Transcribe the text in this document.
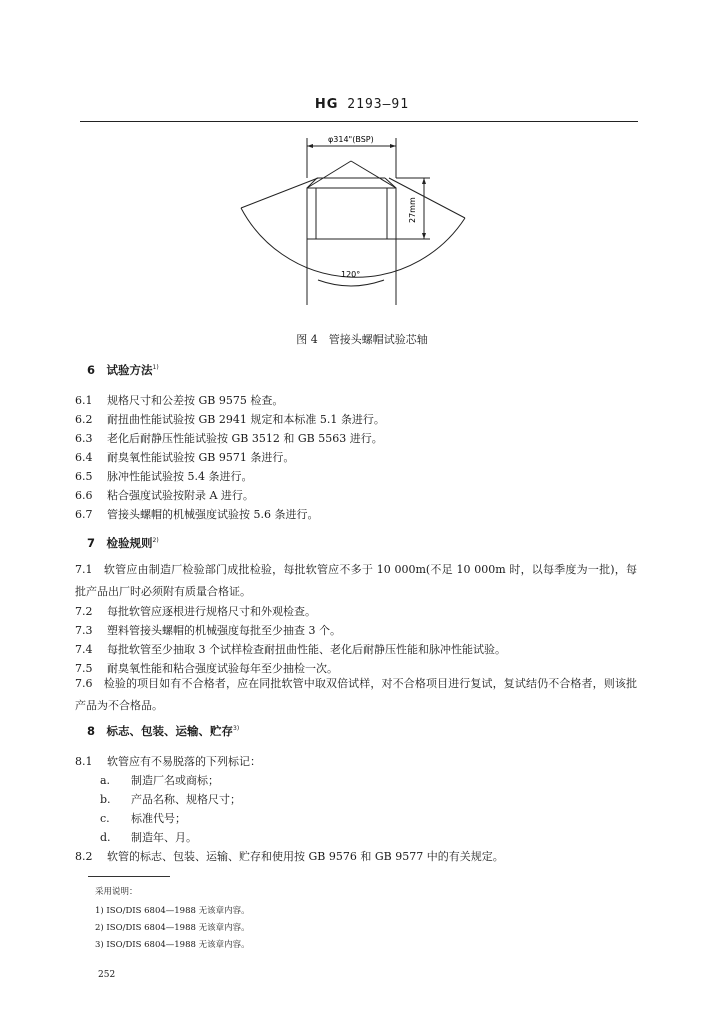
HG 2193—91
φ314"(BSP)
27mm
120°
图 4　管接头螺帽试验芯轴
6　试验方法$^{1)}$
6.1 规格尺寸和公差按 GB 9575 检查。
6.2 耐扭曲性能试验按 GB 2941 规定和本标准 5.1 条进行。
6.3 老化后耐静压性能试验按 GB 3512 和 GB 5563 进行。
6.4 耐臭氧性能试验按 GB 9571 条进行。
6.5 脉冲性能试验按 5.4 条进行。
6.6 粘合强度试验按附录 A 进行。
6.7 管接头螺帽的机械强度试验按 5.6 条进行。
7　检验规则$^{2)}$
7.1　软管应由制造厂检验部门成批检验，每批软管应不多于 10 000m(不足 10 000m 时，以每季度为一批)，每批产品出厂时必须附有质量合格证。
7.2 每批软管应逐根进行规格尺寸和外观检查。
7.3 塑料管接头螺帽的机械强度每批至少抽查 3 个。
7.4 每批软管至少抽取 3 个试样检查耐扭曲性能、老化后耐静压性能和脉冲性能试验。
7.5 耐臭氧性能和粘合强度试验每年至少抽检一次。
7.6　检验的项目如有不合格者，应在同批软管中取双倍试样，对不合格项目进行复试，复试结仍不合格者，则该批产品为不合格品。
8　标志、包装、运输、贮存$^{3)}$
8.1 软管应有不易脱落的下列标记：
a. 制造厂名或商标；
b. 产品名称、规格尺寸；
c. 标准代号；
d. 制造年、月。
8.2 软管的标志、包装、运输、贮存和使用按 GB 9576 和 GB 9577 中的有关规定。
采用说明：
1) ISO/DIS 6804—1988 无该章内容。
2) ISO/DIS 6804—1988 无该章内容。
3) ISO/DIS 6804—1988 无该章内容。
252
